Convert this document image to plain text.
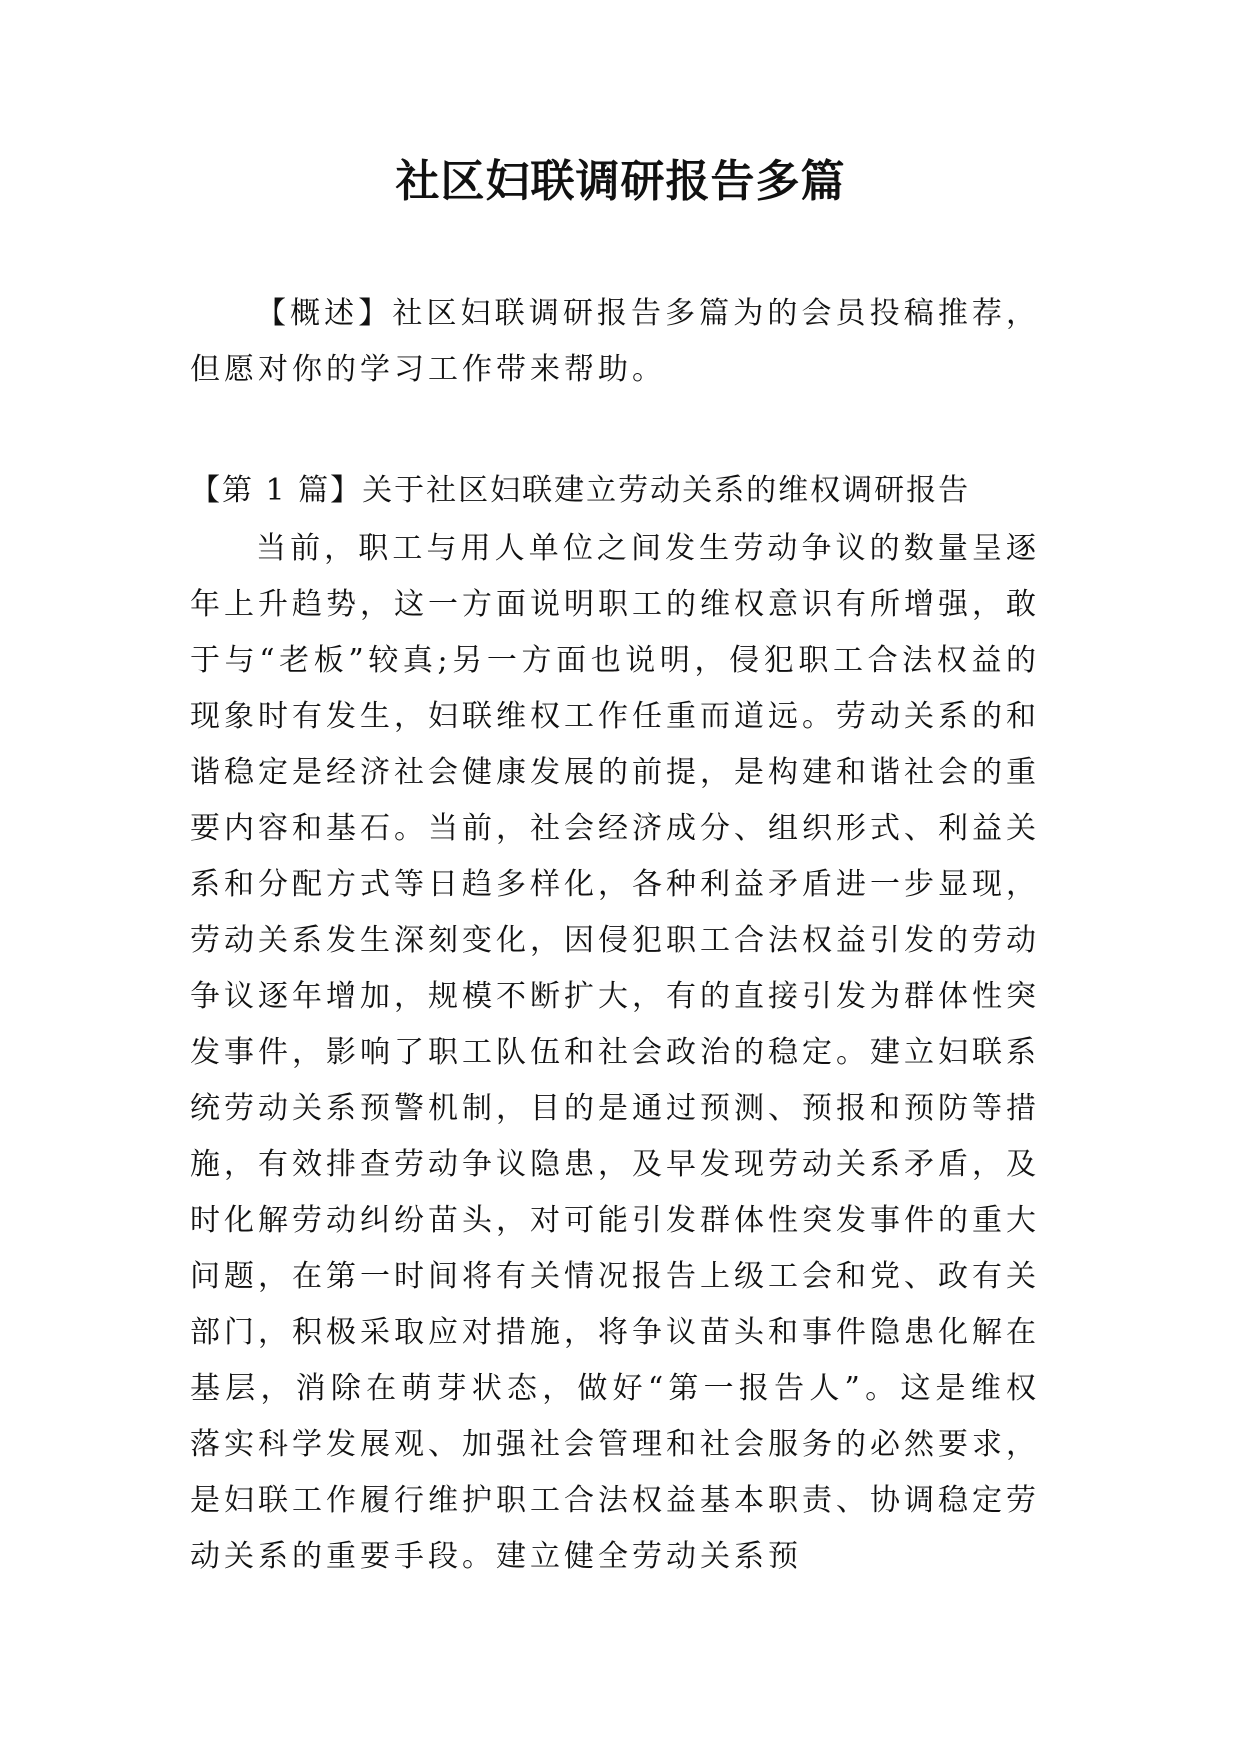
社区妇联调研报告多篇

【概述】社区妇联调研报告多篇为的会员投稿推荐，但愿对你的学习工作带来帮助。

【第 1 篇】关于社区妇联建立劳动关系的维权调研报告

当前，职工与用人单位之间发生劳动争议的数量呈逐年上升趋势，这一方面说明职工的维权意识有所增强，敢于与“老板”较真;另一方面也说明，侵犯职工合法权益的现象时有发生，妇联维权工作任重而道远。劳动关系的和谐稳定是经济社会健康发展的前提，是构建和谐社会的重要内容和基石。当前，社会经济成分、组织形式、利益关系和分配方式等日趋多样化，各种利益矛盾进一步显现，劳动关系发生深刻变化，因侵犯职工合法权益引发的劳动争议逐年增加，规模不断扩大，有的直接引发为群体性突发事件，影响了职工队伍和社会政治的稳定。建立妇联系统劳动关系预警机制，目的是通过预测、预报和预防等措施，有效排查劳动争议隐患，及早发现劳动关系矛盾，及时化解劳动纠纷苗头，对可能引发群体性突发事件的重大问题，在第一时间将有关情况报告上级工会和党、政有关部门，积极采取应对措施，将争议苗头和事件隐患化解在基层，消除在萌芽状态，做好“第一报告人”。这是维权落实科学发展观、加强社会管理和社会服务的必然要求，是妇联工作履行维护职工合法权益基本职责、协调稳定劳动关系的重要手段。建立健全劳动关系预
